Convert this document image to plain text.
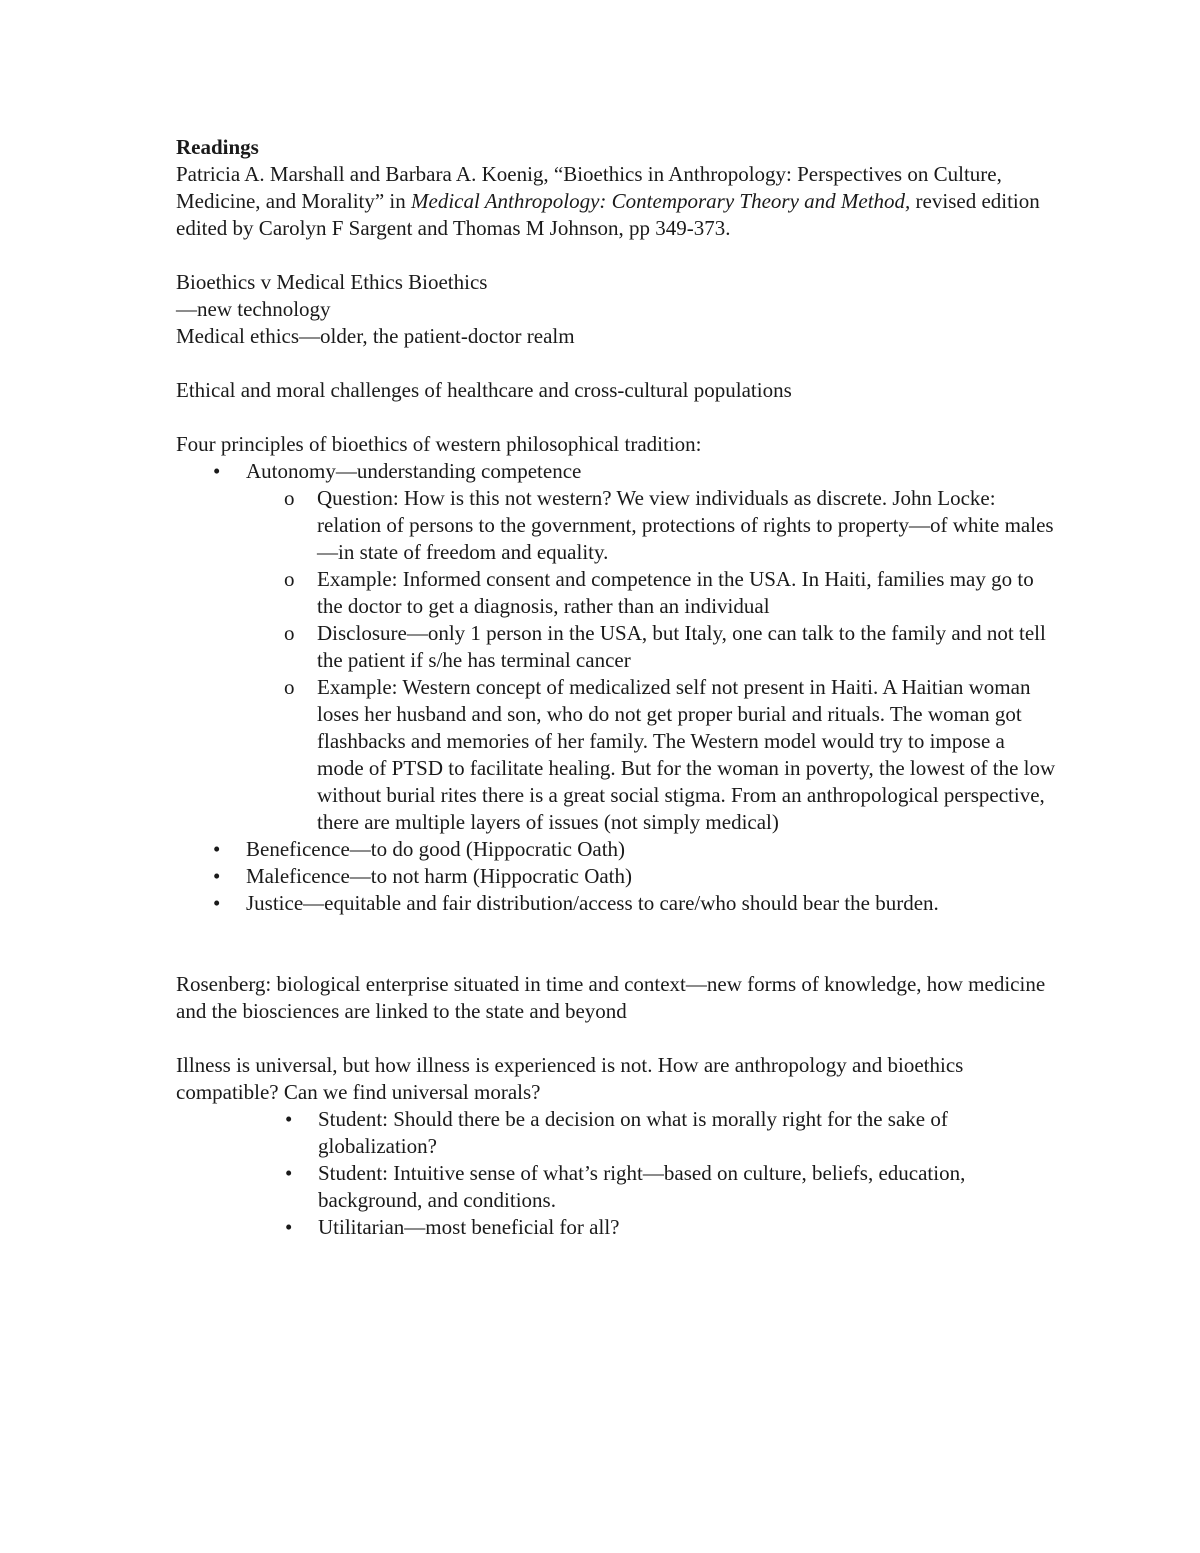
Readings

Patricia A. Marshall and Barbara A. Koenig, “Bioethics in Anthropology: Perspectives on Culture, Medicine, and Morality” in Medical Anthropology: Contemporary Theory and Method, revised edition edited by Carolyn F Sargent and Thomas M Johnson, pp 349-373.

Bioethics v Medical Ethics Bioethics

—new technology

Medical ethics—older, the patient-doctor realm

Ethical and moral challenges of healthcare and cross-cultural populations

Four principles of bioethics of western philosophical tradition:

• Autonomy—understanding competence
o Question: How is this not western? We view individuals as discrete. John Locke: relation of persons to the government, protections of rights to property—of white males—in state of freedom and equality.
o Example: Informed consent and competence in the USA. In Haiti, families may go to the doctor to get a diagnosis, rather than an individual
o Disclosure—only 1 person in the USA, but Italy, one can talk to the family and not tell the patient if s/he has terminal cancer
o Example: Western concept of medicalized self not present in Haiti. A Haitian woman loses her husband and son, who do not get proper burial and rituals. The woman got flashbacks and memories of her family. The Western model would try to impose a mode of PTSD to facilitate healing. But for the woman in poverty, the lowest of the low without burial rites there is a great social stigma. From an anthropological perspective, there are multiple layers of issues (not simply medical)
• Beneficence—to do good (Hippocratic Oath)
• Maleficence—to not harm (Hippocratic Oath)
• Justice—equitable and fair distribution/access to care/who should bear the burden.

Rosenberg: biological enterprise situated in time and context—new forms of knowledge, how medicine and the biosciences are linked to the state and beyond

Illness is universal, but how illness is experienced is not. How are anthropology and bioethics compatible? Can we find universal morals?

• Student: Should there be a decision on what is morally right for the sake of globalization?
• Student: Intuitive sense of what’s right—based on culture, beliefs, education, background, and conditions.
• Utilitarian—most beneficial for all?
